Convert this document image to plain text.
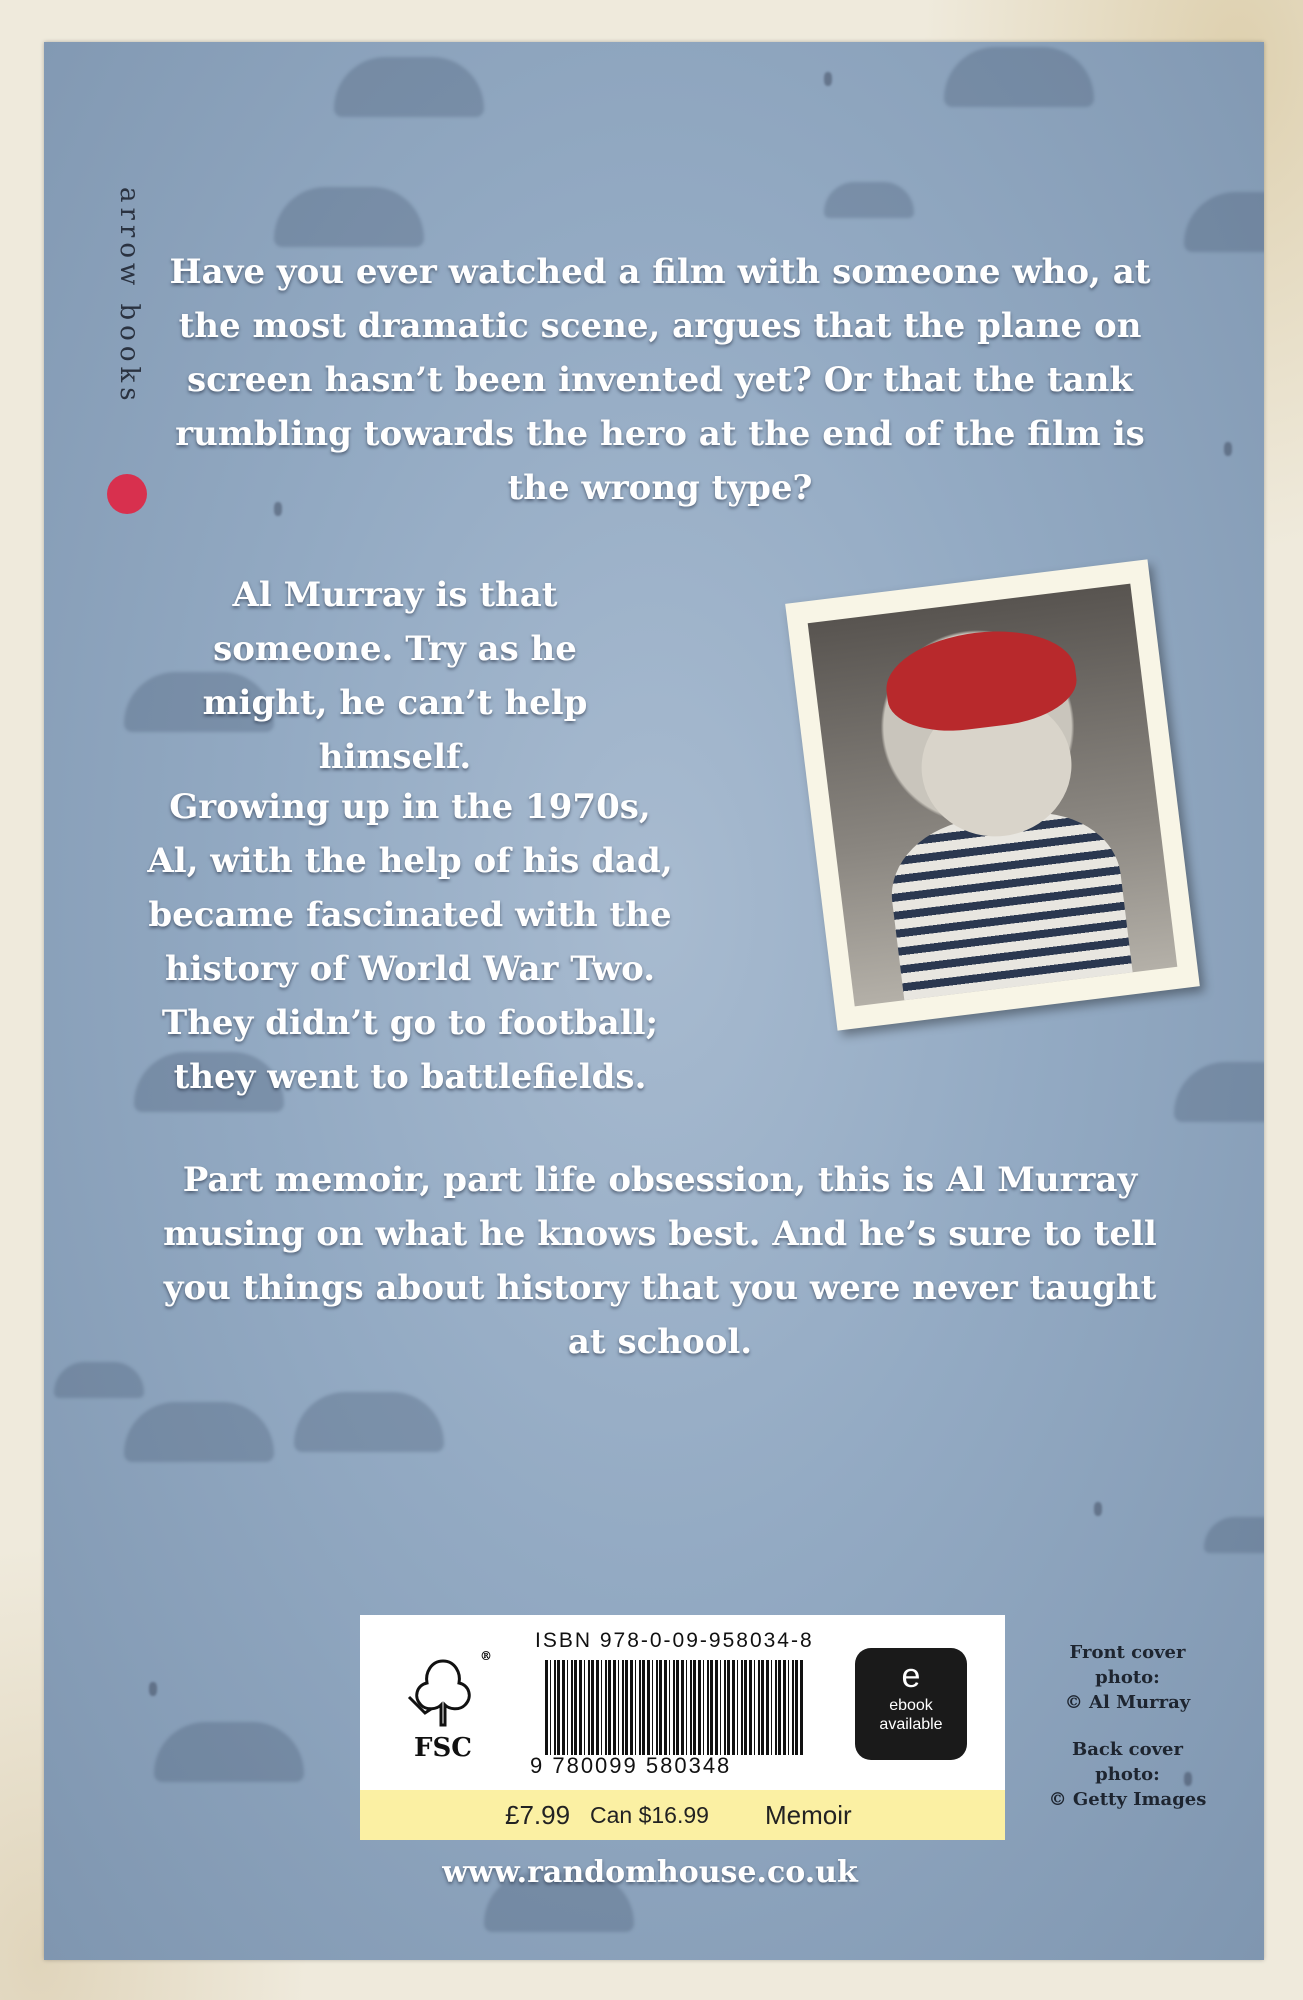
arrow books Have you ever watched a film with someone who, at the most dramatic scene, argues that the plane on screen hasn’t been invented yet? Or that the tank rumbling towards the hero at the end of the film is the wrong type?

Al Murray is that someone. Try as he might, he can’t help himself.

Growing up in the 1970s, Al, with the help of his dad, became fascinated with the history of World War Two. They didn’t go to football; they went to battlefields.

Part memoir, part life obsession, this is Al Murray musing on what he knows best. And he’s sure to tell you things about history that you were never taught at school.

®
FSC
ISBN 978-0-09-958034-8
9 780099 580348
e
ebook
available
£7.99 Can $16.99 Memoir

Front cover
photo:
© Al Murray

Back cover
photo:
© Getty Images

www.randomhouse.co.uk
